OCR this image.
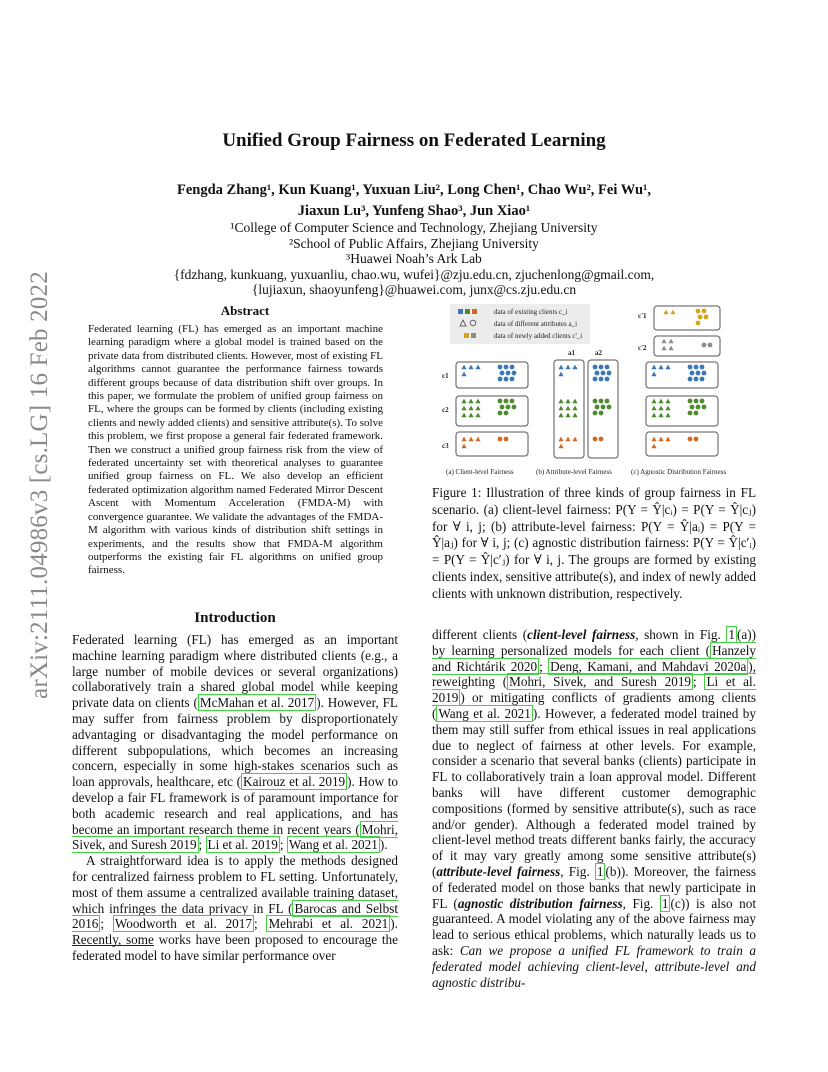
arXiv:2111.04986v3 [cs.LG] 16 Feb 2022
Unified Group Fairness on Federated Learning
Fengda Zhang¹, Kun Kuang¹, Yuxuan Liu², Long Chen¹, Chao Wu², Fei Wu¹,
Jiaxun Lu³, Yunfeng Shao³, Jun Xiao¹
¹College of Computer Science and Technology, Zhejiang University
²School of Public Affairs, Zhejiang University
³Huawei Noah’s Ark Lab
{fdzhang, kunkuang, yuxuanliu, chao.wu, wufei}@zju.edu.cn, zjuchenlong@gmail.com,
{lujiaxun, shaoyunfeng}@huawei.com, junx@cs.zju.edu.cn
Abstract
Federated learning (FL) has emerged as an important machine learning paradigm where a global model is trained based on the private data from distributed clients. However, most of existing FL algorithms cannot guarantee the performance fairness towards different groups because of data distribution shift over groups. In this paper, we formulate the problem of unified group fairness on FL, where the groups can be formed by clients (including existing clients and newly added clients) and sensitive attribute(s). To solve this problem, we first propose a general fair federated framework. Then we construct a unified group fairness risk from the view of federated uncertainty set with theoretical analyses to guarantee unified group fairness on FL. We also develop an efficient federated optimization algorithm named Federated Mirror Descent Ascent with Momentum Acceleration (FMDA-M) with convergence guarantee. We validate the advantages of the FMDA-M algorithm with various kinds of distribution shift settings in experiments, and the results show that FMDA-M algorithm outperforms the existing fair FL algorithms on unified group fairness.
Introduction

Federated learning (FL) has emerged as an important machine learning paradigm where distributed clients (e.g., a large number of mobile devices or several organizations) collaboratively train a shared global model while keeping private data on clients ( McMahan et al. 2017 ). However, FL may suffer from fairness problem by disproportionately advantaging or disadvantaging the model performance on different subpopulations, which becomes an increasing concern, especially in some high-stakes scenarios such as loan approvals, healthcare, etc ( Kairouz et al. 2019 ). How to develop a fair FL framework is of paramount importance for both academic research and real applications, and has become an important research theme in recent years ( Mohri, Sivek, and Suresh 2019 ; Li et al. 2019 ; Wang et al. 2021 ).

A straightforward idea is to apply the methods designed for centralized fairness problem to FL setting. Unfortunately, most of them assume a centralized available training dataset, which infringes the data privacy in FL ( Barocas and Selbst 2016 ; Woodworth et al. 2017 ; Mehrabi et al. 2021 ). Recently, some works have been proposed to encourage the federated model to have similar performance over

data of existing clients c_i
data of different attributes a_i
data of newly added clients c'_i
a1	a2
c1
c2
c3
c'1
c'2
(a) Client-level Fairness	(b) Attribute-level Fairness	(c) Agnostic Distribution Fairness
Figure 1: Illustration of three kinds of group fairness in FL scenario. (a) client-level fairness: P(Y = Ŷ|cᵢ) = P(Y = Ŷ|cⱼ) for ∀ i, j; (b) attribute-level fairness: P(Y = Ŷ|aᵢ) = P(Y = Ŷ|aⱼ) for ∀ i, j; (c) agnostic distribution fairness: P(Y = Ŷ|c′ᵢ) = P(Y = Ŷ|c′ⱼ) for ∀ i, j. The groups are formed by existing clients index, sensitive attribute(s), and index of newly added clients with unknown distribution, respectively.

different clients (client-level fairness, shown in Fig. 1 (a)) by learning personalized models for each client ( Hanzely and Richtárik 2020 ; Deng, Kamani, and Mahdavi 2020a ), reweighting ( Mohri, Sivek, and Suresh 2019 ; Li et al. 2019 ) or mitigating conflicts of gradients among clients ( Wang et al. 2021 ). However, a federated model trained by them may still suffer from ethical issues in real applications due to neglect of fairness at other levels. For example, consider a scenario that several banks (clients) participate in FL to collaboratively train a loan approval model. Different banks will have different customer demographic compositions (formed by sensitive attribute(s), such as race and/or gender). Although a federated model trained by client-level method treats different banks fairly, the accuracy of it may vary greatly among some sensitive attribute(s) (attribute-level fairness, Fig. 1 (b)). Moreover, the fairness of federated model on those banks that newly participate in FL (agnostic distribution fairness, Fig. 1 (c)) is also not guaranteed. A model violating any of the above fairness may lead to serious ethical problems, which naturally leads us to ask: Can we propose a unified FL framework to train a federated model achieving client-level, attribute-level and agnostic distribu-
